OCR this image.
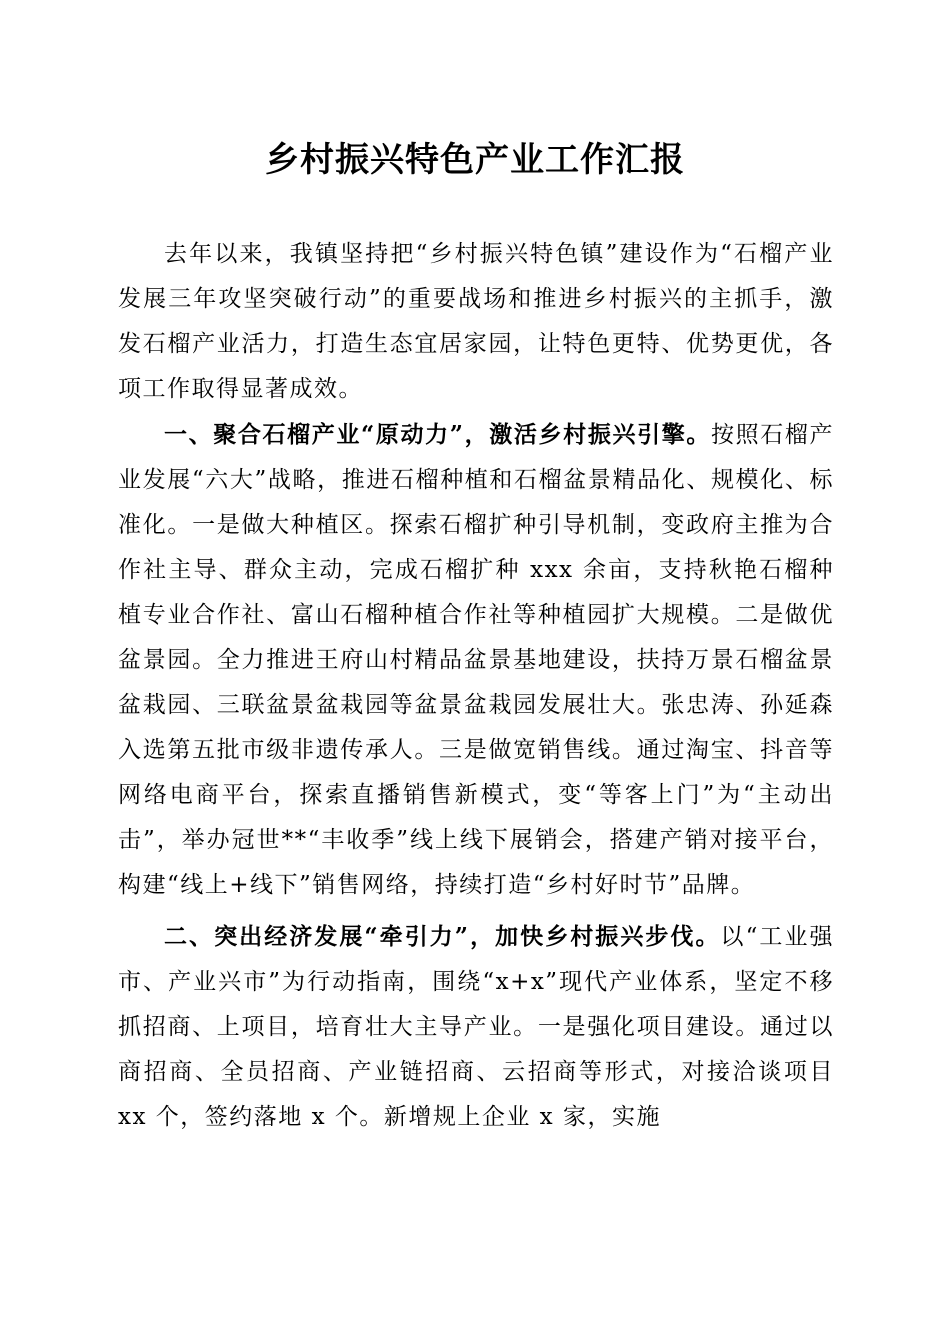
乡村振兴特色产业工作汇报

去年以来，我镇坚持把“乡村振兴特色镇”建设作为“石榴产业发展三年攻坚突破行动”的重要战场和推进乡村振兴的主抓手，激发石榴产业活力，打造生态宜居家园，让特色更特、优势更优，各项工作取得显著成效。

一、聚合石榴产业“原动力”，激活乡村振兴引擎。按照石榴产业发展“六大”战略，推进石榴种植和石榴盆景精品化、规模化、标准化。一是做大种植区。探索石榴扩种引导机制，变政府主推为合作社主导、群众主动，完成石榴扩种 xxx 余亩，支持秋艳石榴种植专业合作社、富山石榴种植合作社等种植园扩大规模。二是做优盆景园。全力推进王府山村精品盆景基地建设，扶持万景石榴盆景盆栽园、三联盆景盆栽园等盆景盆栽园发展壮大。张忠涛、孙延森入选第五批市级非遗传承人。三是做宽销售线。通过淘宝、抖音等网络电商平台，探索直播销售新模式，变“等客上门”为“主动出击”，举办冠世**“丰收季”线上线下展销会，搭建产销对接平台，构建“线上+线下”销售网络，持续打造“乡村好时节”品牌。

二、突出经济发展“牵引力”，加快乡村振兴步伐。以“工业强市、产业兴市”为行动指南，围绕“x+x”现代产业体系，坚定不移抓招商、上项目，培育壮大主导产业。一是强化项目建设。通过以商招商、全员招商、产业链招商、云招商等形式，对接洽谈项目 xx 个，签约落地 x 个。新增规上企业 x 家，实施
